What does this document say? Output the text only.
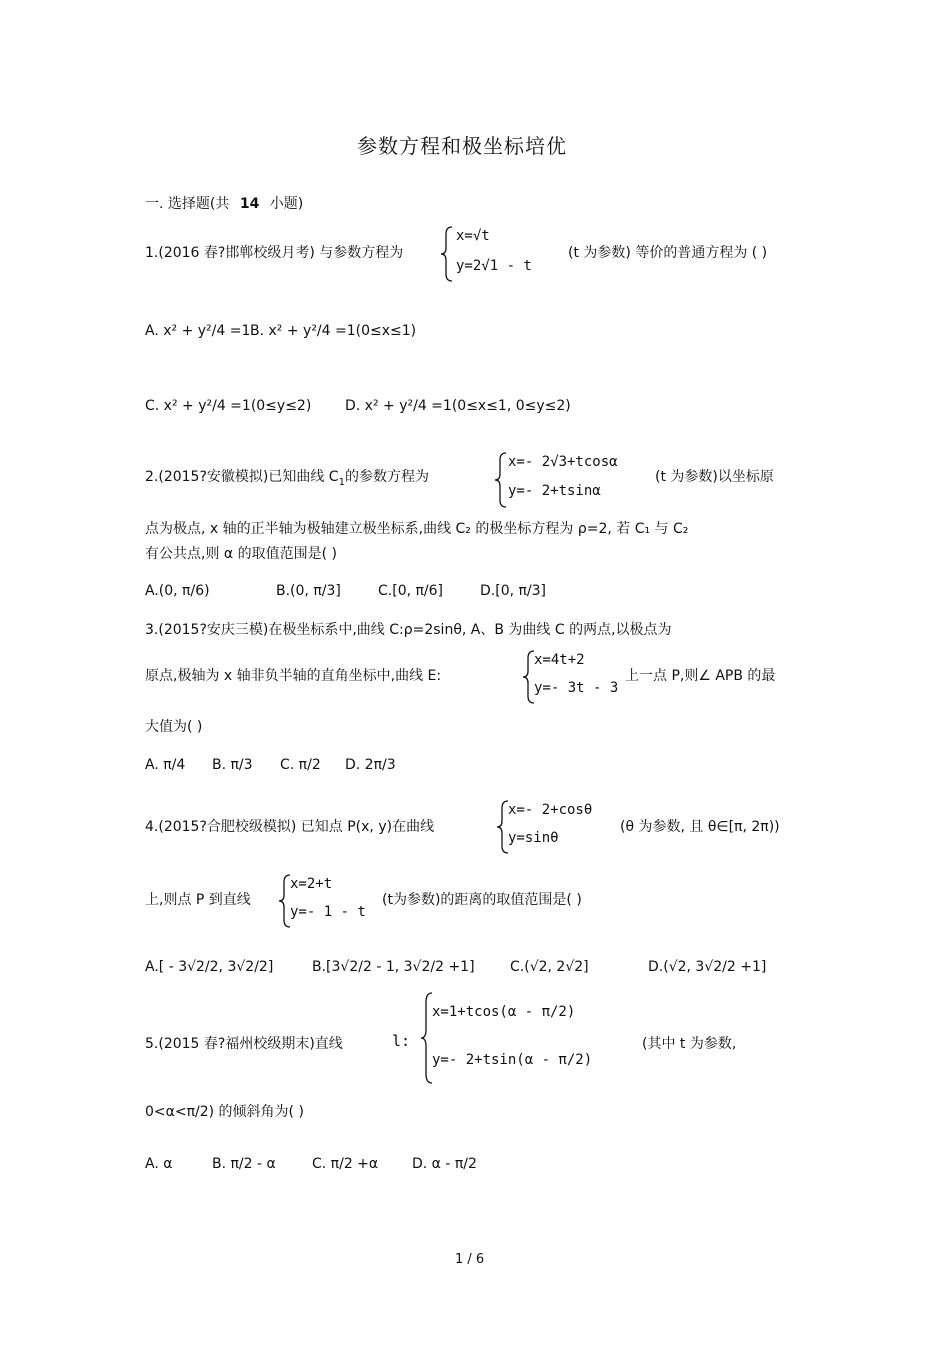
参数方程和极坐标培优
一. 选择题(共 14 小题)
1.(2016 春?邯郸校级月考) 与参数方程为
x=√t
y=2√1 - t
(t 为参数) 等价的普通方程为 ( )
A. x² + y²/4 =1 B. x² + y²/4 =1(0≤x≤1)
C. x² + y²/4 =1(0≤y≤2) D. x² + y²/4 =1(0≤x≤1, 0≤y≤2)
2.(2015?安徽模拟)已知曲线 $C_1$的参数方程为
x=- 2√3+tcosα
y=- 2+tsinα
(t 为参数)以坐标原
点为极点, x 轴的正半轴为极轴建立极坐标系,曲线 C₂ 的极坐标方程为 ρ=2, 若 C₁ 与 C₂
有公共点,则 α 的取值范围是( )
A.(0, π/6)	B.(0, π/3]	C.[0, π/6]	D.[0, π/3]
3.(2015?安庆三模)在极坐标系中,曲线 C:ρ=2sinθ, A、B 为曲线 C 的两点,以极点为
原点,极轴为 x 轴非负半轴的直角坐标中,曲线 E:
x=4t+2
y=- 3t - 3
上一点 P,则∠ APB 的最
大值为( )
A. π/4 B. π/3 C. π/2 D. 2π/3
4.(2015?合肥校级模拟) 已知点 P(x, y)在曲线
x=- 2+cosθ
y=sinθ
(θ 为参数, 且 θ∈[π, 2π))
上,则点 P 到直线
x=2+t
y=- 1 - t
(t为参数)的距离的取值范围是( )
A.[ - 3√2/2, 3√2/2]	B.[3√2/2 - 1, 3√2/2 +1]	C.(√2, 2√2]	D.(√2, 3√2/2 +1]
5.(2015 春?福州校级期末)直线	l:
x=1+tcos(α - π/2)
y=- 2+tsin(α - π/2)
(其中 t 为参数,
0<α<π/2) 的倾斜角为( )
A. α	B. π/2 - α	C. π/2 +α D. α - π/2
1 / 6
